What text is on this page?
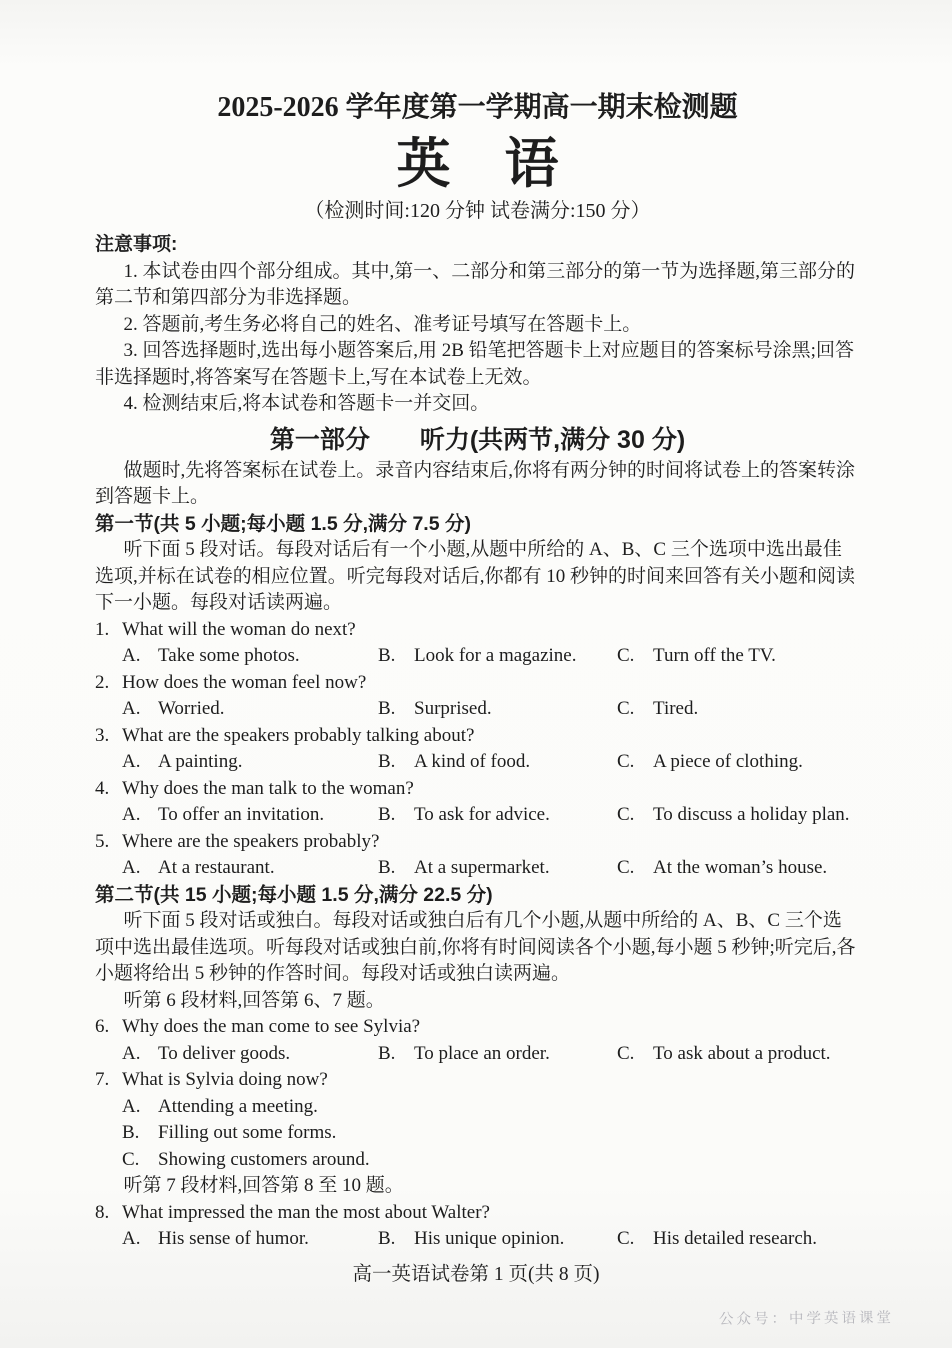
2025-2026 学年度第一学期高一期末检测题
英　语
（检测时间:120 分钟 试卷满分:150 分）
注意事项:

1. 本试卷由四个部分组成。其中,第一、二部分和第三部分的第一节为选择题,第三部分的第二节和第四部分为非选择题。

2. 答题前,考生务必将自己的姓名、准考证号填写在答题卡上。

3. 回答选择题时,选出每小题答案后,用 2B 铅笔把答题卡上对应题目的答案标号涂黑;回答非选择题时,将答案写在答题卡上,写在本试卷上无效。

4. 检测结束后,将本试卷和答题卡一并交回。

第一部分　　听力(共两节,满分 30 分)

做题时,先将答案标在试卷上。录音内容结束后,你将有两分钟的时间将试卷上的答案转涂到答题卡上。

第一节(共 5 小题;每小题 1.5 分,满分 7.5 分)

听下面 5 段对话。每段对话后有一个小题,从题中所给的 A、B、C 三个选项中选出最佳选项,并标在试卷的相应位置。听完每段对话后,你都有 10 秒钟的时间来回答有关小题和阅读下一小题。每段对话读两遍。

1. What will the woman do next?
A. Take some photos.	B. Look for a magazine.	C. Turn off the TV.
2. How does the woman feel now?
A. Worried.	B. Surprised.	C. Tired.
3. What are the speakers probably talking about?
A. A painting.	B. A kind of food.	C. A piece of clothing.
4. Why does the man talk to the woman?
A. To offer an invitation.	B. To ask for advice.	C. To discuss a holiday plan.
5. Where are the speakers probably?
A. At a restaurant.	B. At a supermarket.	C. At the woman’s house.
第二节(共 15 小题;每小题 1.5 分,满分 22.5 分)

听下面 5 段对话或独白。每段对话或独白后有几个小题,从题中所给的 A、B、C 三个选项中选出最佳选项。听每段对话或独白前,你将有时间阅读各个小题,每小题 5 秒钟;听完后,各小题将给出 5 秒钟的作答时间。每段对话或独白读两遍。

听第 6 段材料,回答第 6、7 题。

6. Why does the man come to see Sylvia?
A. To deliver goods.	B. To place an order.	C. To ask about a product.
7. What is Sylvia doing now?
A. Attending a meeting.
B. Filling out some forms.
C. Showing customers around.

听第 7 段材料,回答第 8 至 10 题。

8. What impressed the man the most about Walter?
A. His sense of humor.	B. His unique opinion.	C. His detailed research.
高一英语试卷第 1 页(共 8 页)
公众号：中学英语课堂
